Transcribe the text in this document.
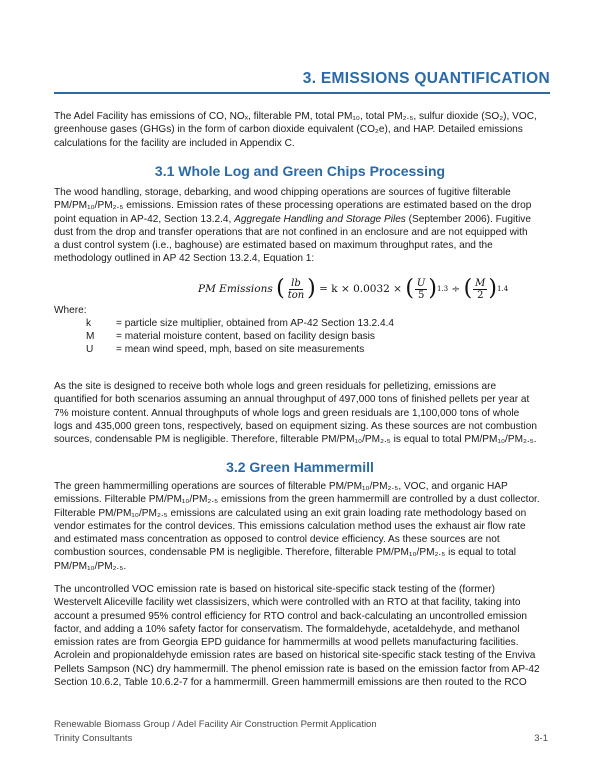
3. EMISSIONS QUANTIFICATION
The Adel Facility has emissions of CO, NOₓ, filterable PM, total PM₁₀, total PM₂.₅, sulfur dioxide (SO₂), VOC,
greenhouse gases (GHGs) in the form of carbon dioxide equivalent (CO₂e), and HAP. Detailed emissions
calculations for the facility are included in Appendix C.
3.1 Whole Log and Green Chips Processing
The wood handling, storage, debarking, and wood chipping operations are sources of fugitive filterable
PM/PM₁₀/PM₂.₅ emissions. Emission rates of these processing operations are estimated based on the drop
point equation in AP-42, Section 13.2.4, Aggregate Handling and Storage Piles (September 2006). Fugitive
dust from the drop and transfer operations that are not confined in an enclosure and are not equipped with
a dust control system (i.e., baghouse) are estimated based on maximum throughput rates, and the
methodology outlined in AP 42 Section 13.2.4, Equation 1:
PM Emissions
( $\frac{lb}{\text{ton}}$ )
= k × 0.0032 ×
( $\frac{U}{5}$ ) 1.3
÷
( $\frac{M}{2}$ ) 1.4
Where:
k = particle size multiplier, obtained from AP-42 Section 13.2.4.4
M = material moisture content, based on facility design basis
U = mean wind speed, mph, based on site measurements
As the site is designed to receive both whole logs and green residuals for pelletizing, emissions are
quantified for both scenarios assuming an annual throughput of 497,000 tons of finished pellets per year at
7% moisture content. Annual throughputs of whole logs and green residuals are 1,100,000 tons of whole
logs and 435,000 green tons, respectively, based on equipment sizing. As these sources are not combustion
sources, condensable PM is negligible. Therefore, filterable PM/PM₁₀/PM₂.₅ is equal to total PM/PM₁₀/PM₂.₅.
3.2 Green Hammermill
The green hammermilling operations are sources of filterable PM/PM₁₀/PM₂.₅, VOC, and organic HAP
emissions. Filterable PM/PM₁₀/PM₂.₅ emissions from the green hammermill are controlled by a dust collector.
Filterable PM/PM₁₀/PM₂.₅ emissions are calculated using an exit grain loading rate methodology based on
vendor estimates for the control devices. This emissions calculation method uses the exhaust air flow rate
and estimated mass concentration as opposed to control device efficiency. As these sources are not
combustion sources, condensable PM is negligible. Therefore, filterable PM/PM₁₀/PM₂.₅ is equal to total
PM/PM₁₀/PM₂.₅.
The uncontrolled VOC emission rate is based on historical site-specific stack testing of the (former)
Westervelt Aliceville facility wet classisizers, which were controlled with an RTO at that facility, taking into
account a presumed 95% control efficiency for RTO control and back-calculating an uncontrolled emission
factor, and adding a 10% safety factor for conservatism. The formaldehyde, acetaldehyde, and methanol
emission rates are from Georgia EPD guidance for hammermills at wood pellets manufacturing facilities.
Acrolein and propionaldehyde emission rates are based on historical site-specific stack testing of the Enviva
Pellets Sampson (NC) dry hammermill. The phenol emission rate is based on the emission factor from AP-42
Section 10.6.2, Table 10.6.2-7 for a hammermill. Green hammermill emissions are then routed to the RCO
Renewable Biomass Group / Adel Facility Air Construction Permit Application
Trinity Consultants	3-1
